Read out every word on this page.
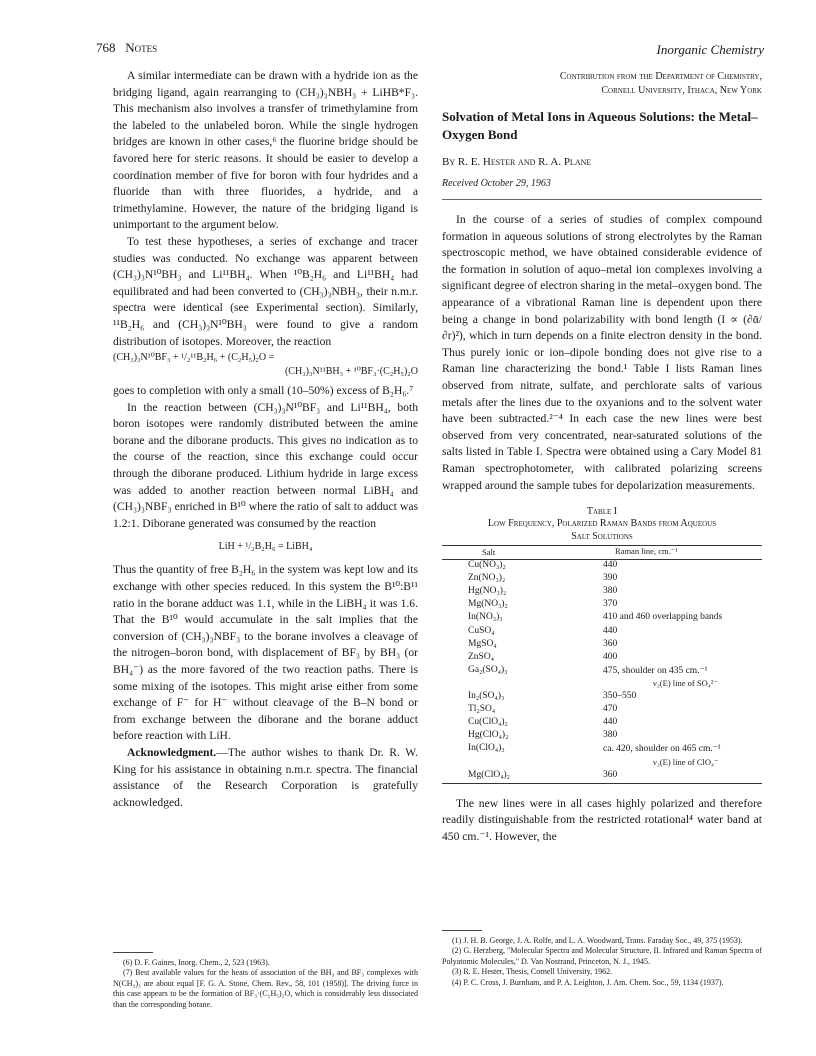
768 Notes	Inorganic Chemistry

A similar intermediate can be drawn with a hydride ion as the bridging ligand, again rearranging to (CH₃)₃NBH₃ + LiHB*F₃. This mechanism also involves a transfer of trimethylamine from the labeled to the unlabeled boron. While the single hydrogen bridges are known in other cases,⁶ the fluorine bridge should be favored here for steric reasons. It should be easier to develop a coordination member of five for boron with four hydrides and a fluoride than with three fluorides, a hydride, and a trimethylamine. However, the nature of the bridging ligand is unimportant to the argument below.

To test these hypotheses, a series of exchange and tracer studies was conducted. No exchange was apparent between (CH₃)₃N¹⁰BH₃ and Li¹¹BH₄. When ¹⁰B₂H₆ and Li¹¹BH₄ had equilibrated and had been converted to (CH₃)₃NBH₃, their n.m.r. spectra were identical (see Experimental section). Similarly, ¹¹B₂H₆ and (CH₃)₃N¹⁰BH₃ were found to give a random distribution of isotopes. Moreover, the reaction

(CH₃)₃N¹⁰BF₃ + ¹/₂¹¹B₂H₆ + (C₂H₅)₂O =
(CH₃)₃N¹¹BH₃ + ¹⁰BF₃·(C₂H₅)₂O

goes to completion with only a small (10–50%) excess of B₂H₆.⁷

In the reaction between (CH₃)₃N¹⁰BF₃ and Li¹¹BH₄, both boron isotopes were randomly distributed between the amine borane and the diborane products. This gives no indication as to the course of the reaction, since this exchange could occur through the diborane produced. Lithium hydride in large excess was added to another reaction between normal LiBH₄ and (CH₃)₃NBF₃ enriched in B¹⁰ where the ratio of salt to adduct was 1.2:1. Diborane generated was consumed by the reaction

LiH + ¹/₂B₂H₆ = LiBH₄

Thus the quantity of free B₂H₆ in the system was kept low and its exchange with other species reduced. In this system the B¹⁰:B¹¹ ratio in the borane adduct was 1.1, while in the LiBH₄ it was 1.6. That the B¹⁰ would accumulate in the salt implies that the conversion of (CH₃)₃NBF₃ to the borane involves a cleavage of the nitrogen–boron bond, with displacement of BF₃ by BH₃ (or BH₄⁻) as the more favored of the two reaction paths. There is some mixing of the isotopes. This might arise either from some exchange of F⁻ for H⁻ without cleavage of the B–N bond or from exchange between the diborane and the borane adduct before reaction with LiH.

Acknowledgment.—The author wishes to thank Dr. R. W. King for his assistance in obtaining n.m.r. spectra. The financial assistance of the Research Corporation is gratefully acknowledged.

(6) D. F. Gaines, Inorg. Chem., 2, 523 (1963).

(7) Best available values for the heats of association of the BH₃ and BF₃ complexes with N(CH₃)₃ are about equal [F. G. A. Stone, Chem. Rev., 58, 101 (1958)]. The driving force in this case appears to be the formation of BF₃·(C₂H₅)₂O, which is considerably less dissociated than the corresponding borane.

Contribution from the Department of Chemistry,
Cornell University, Ithaca, New York
Solvation of Metal Ions in Aqueous Solutions: the Metal–Oxygen Bond
By R. E. Hester and R. A. Plane
Received October 29, 1963

In the course of a series of studies of complex compound formation in aqueous solutions of strong electrolytes by the Raman spectroscopic method, we have obtained considerable evidence of the formation in solution of aquo–metal ion complexes involving a significant degree of electron sharing in the metal–oxygen bond. The appearance of a vibrational Raman line is dependent upon there being a change in bond polarizability with bond length (I ∝ (∂ᾱ/∂r)²), which in turn depends on a finite electron density in the bond. Thus purely ionic or ion–dipole bonding does not give rise to a Raman line characterizing the bond.¹ Table I lists Raman lines observed from nitrate, sulfate, and perchlorate salts of various metals after the lines due to the oxyanions and to the solvent water have been subtracted.²⁻⁴ In each case the new lines were best observed from very concentrated, near-saturated solutions of the salts listed in Table I. Spectra were obtained using a Cary Model 81 Raman spectrophotometer, with calibrated polarizing screens wrapped around the sample tubes for depolarization measurements.

Table I
Low Frequency, Polarized Raman Bands from Aqueous
Salt Solutions
Salt	Raman line, cm.⁻¹

Cu(NO₃)₂	440
Zn(NO₃)₂	390
Hg(NO₃)₂	380
Mg(NO₃)₂	370
In(NO₃)₃	410 and 460 overlapping bands
CuSO₄	440
MgSO₄	360
ZnSO₄	400
Ga₂(SO₄)₃	475, shoulder on 435 cm.⁻¹
	ν₂(E) line of SO₄²⁻
In₂(SO₄)₃	350–550
Tl₂SO₄	470
Cu(ClO₄)₂	440
Hg(ClO₄)₂	380
In(ClO₄)₃	ca. 420, shoulder on 465 cm.⁻¹
	ν₂(E) line of ClO₄⁻
Mg(ClO₄)₂	360

The new lines were in all cases highly polarized and therefore readily distinguishable from the restricted rotational⁴ water band at 450 cm.⁻¹. However, the

(1) J. H. B. George, J. A. Rolfe, and L. A. Woodward, Trans. Faraday Soc., 49, 375 (1953).

(2) G. Herzberg, "Molecular Spectra and Molecular Structure, II. Infrared and Raman Spectra of Polyatomic Molecules," D. Van Nostrand, Princeton, N. J., 1945.

(3) R. E. Hester, Thesis, Cornell University, 1962.

(4) P. C. Cross, J. Burnham, and P. A. Leighton, J. Am. Chem. Soc., 59, 1134 (1937).
